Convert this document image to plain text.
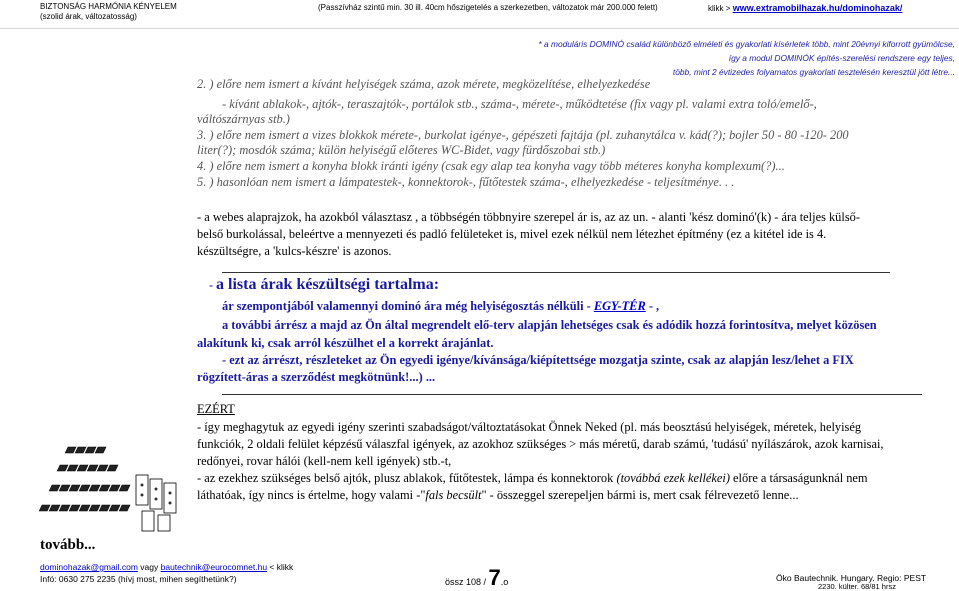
BIZTONSÁG HARMÓNIA KÉNYELEM
(szolid árak, változatosság)
(Passzívház szintű min. 30 ill. 40cm hőszigetelés a szerkezetben, változatok már 200.000 felett)	klikk > www.extramobilhazak.hu/dominohazak/
* a moduláris DOMINÓ család különböző elméleti és gyakorlati kísérletek több, mint 20évnyi kiforrott gyümölcse,
így a modul DOMINÓK építés-szerelési rendszere egy teljes,
több, mint 2 évtizedes folyamatos gyakorlati tesztelésén keresztül jött létre...
2. ) előre nem ismert a kívánt helyiségek száma, azok mérete, megközelítése, elhelyezkedése
- kívánt ablakok-, ajtók-, teraszajtók-, portálok stb., száma-, mérete-, működtetése (fix vagy pl. valami extra toló/emelő-,
váltószárnyas stb.)
3. ) előre nem ismert a vizes blokkok mérete-, burkolat igénye-, gépészeti fajtája (pl. zuhanytálca v. kád(?); bojler 50 - 80 -120- 200
liter(?); mosdók száma; külön helyiségű előteres WC-Bidet, vagy fürdőszobai stb.)
4. ) előre nem ismert a konyha blokk iránti igény (csak egy alap tea konyha vagy több méteres konyha komplexum(?)...
5. ) hasonlóan nem ismert a lámpatestek-, konnektorok-, fűtőtestek száma-, elhelyezkedése - teljesítménye. . .
- a webes alaprajzok, ha azokból választasz , a többségén többnyire szerepel ár is, az az un. - alanti 'kész dominó'(k) - ára teljes külső-
belső burkolással, beleértve a mennyezeti és padló felületeket is, mivel ezek nélkül nem létezhet építmény (ez a kitétel ide is 4.
készültségre, a 'kulcs-készre' is azonos.
- a lista árak készültségi tartalma:
ár szempontjából valamennyi dominó ára még helyiségosztás nélküli - EGY-TÉR - ,
a további árrész a majd az Ön által megrendelt elő-terv alapján lehetséges csak és adódik hozzá forintosítva, melyet közösen
alakítunk ki, csak arról készülhet el a korrekt árajánlat.
- ezt az árrészt, részleteket az Ön egyedi igénye/kívánsága/kiépítettsége mozgatja szinte, csak az alapján lesz/lehet a FIX
rögzített-áras a szerződést megkötnünk!...) ...
EZÉRT
- így meghagytuk az egyedi igény szerinti szabadságot/változtatásokat Önnek Neked (pl. más beosztású helyiségek, méretek, helyiség
funkciók, 2 oldali felület képzésű válaszfal igények, az azokhoz szükséges > más méretű, darab számú, 'tudású' nyílászárok, azok karnisai,
redőnyei, rovar hálói (kell-nem kell igények) stb.-t,
- az ezekhez szükséges belső ajtók, plusz ablakok, fűtőtestek, lámpa és konnektorok (továbbá ezek kellékei) előre a társaságunknál nem
láthatóak, így nincs is értelme, hogy valami -"fals becsült" - összeggel szerepeljen bármi is, mert csak félrevezető lenne...
tovább...
dominohazak@gmail.com vagy bautechnik@eurocomnet.hu < klikk
Infó: 0630 275 2235 (hívj most, mihen segíthetünk?)	össz 108 / 7.o	Öko Bautechnik. Hungary. Regio: PEST
2230. külter. 68/81 hrsz
